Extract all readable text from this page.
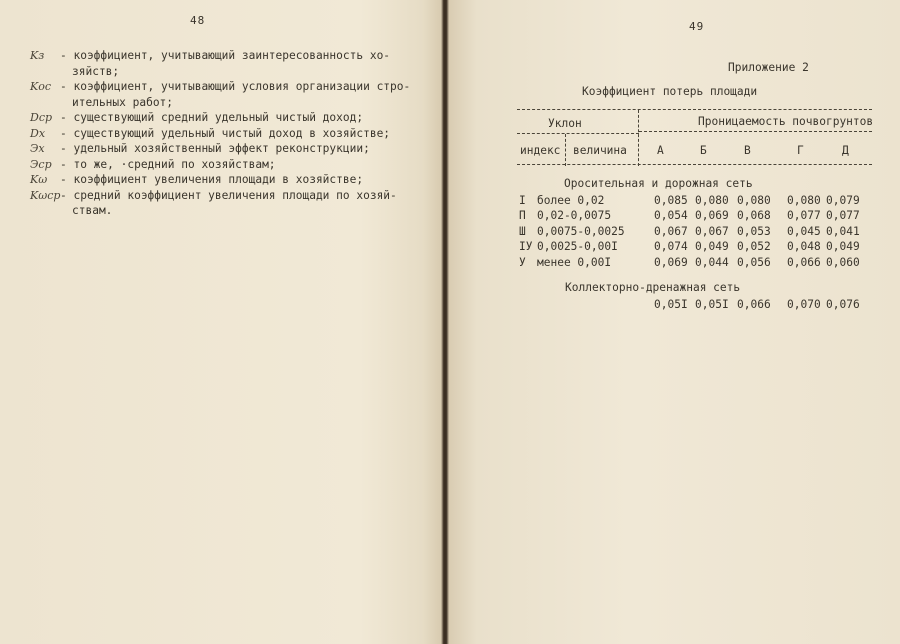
48
Kз	- коэффициент, учитывающий заинтересованность хо-
зяйств;
Kос - коэффициент, учитывающий условия организации стро-
ительных работ;
Dср - существующий средний удельный чистый доход;
Dх	- существующий удельный чистый доход в хозяйстве;
Эх	- удельный хозяйственный эффект реконструкции;
Эср - то же, ·средний по хозяйствам;
Kω	- коэффициент увеличения площади в хозяйстве;
Kωср - средний коэффициент увеличения площади по хозяй-
ствам.
49
Приложение 2
Коэффициент потерь площади
Уклон	Проницаемость почвогрунтов
индекс величина	А	Б	В	Г	Д
Оросительная и дорожная сеть
I более 0,02	0,085 0,080 0,080 0,080 0,079
П 0,02-0,0075	0,054 0,069 0,068 0,077 0,077
Ш 0,0075-0,0025	0,067 0,067 0,053 0,045 0,041
ІУ 0,0025-0,00I	0,074 0,049 0,052 0,048 0,049
У менее 0,00I	0,069 0,044 0,056 0,066 0,060
Коллекторно-дренажная сеть
0,05I 0,05I 0,066 0,070 0,076
